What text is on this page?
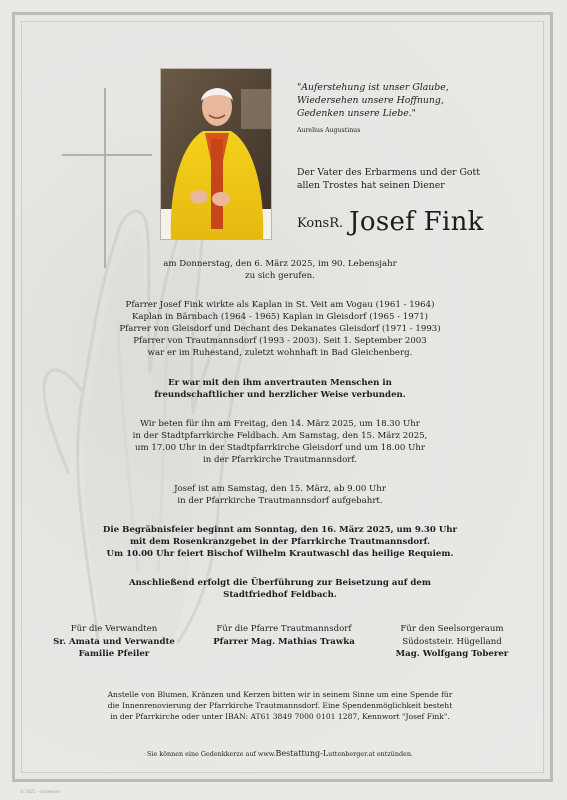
"Auferstehung ist unser Glaube,
Wiedersehen unsere Hoffnung,
Gedenken unsere Liebe."
Aurelius Augustinus
Der Vater des Erbarmens und der Gott
allen Trostes hat seinen Diener
KonsR. Josef Fink
am Donnerstag, den 6. März 2025, im 90. Lebensjahr
zu sich gerufen.
Pfarrer Josef Fink wirkte als Kaplan in St. Veit am Vogau (1961 - 1964)
Kaplan in Bärnbach (1964 - 1965) Kaplan in Gleisdorf (1965 - 1971)
Pfarrer von Gleisdorf und Dechant des Dekanates Gleisdorf (1971 - 1993)
Pfarrer von Trautmannsdorf (1993 - 2003). Seit 1. September 2003
war er im Ruhestand, zuletzt wohnhaft in Bad Gleichenberg.
Er war mit den ihm anvertrauten Menschen in
freundschaftlicher und herzlicher Weise verbunden.
Wir beten für ihn am Freitag, den 14. März 2025, um 18.30 Uhr
in der Stadtpfarrkirche Feldbach. Am Samstag, den 15. März 2025,
um 17.00 Uhr in der Stadtpfarrkirche Gleisdorf und um 18.00 Uhr
in der Pfarrkirche Trautmannsdorf.
Josef ist am Samstag, den 15. März, ab 9.00 Uhr
in der Pfarrkirche Trautmannsdorf aufgebahrt.
Die Begräbnisfeier beginnt am Sonntag, den 16. März 2025, um 9.30 Uhr
mit dem Rosenkranzgebet in der Pfarrkirche Trautmannsdorf.
Um 10.00 Uhr feiert Bischof Wilhelm Krautwaschl das heilige Requiem.
Anschließend erfolgt die Überführung zur Beisetzung auf dem
Stadtfriedhof Feldbach.
Für die Verwandten
Sr. Amata und Verwandte
Familie Pfeiler
Für die Pfarre Trautmannsdorf
Pfarrer Mag. Mathias Trawka
Für den Seelsorgeraum
Südoststeir. Hügelland
Mag. Wolfgang Toberer
Anstelle von Blumen, Kränzen und Kerzen bitten wir in seinem Sinne um eine Spende für
die Innenrenovierung der Pfarrkirche Trautmannsdorf. Eine Spendenmöglichkeit besteht
in der Pfarrkirche oder unter IBAN: AT61 3849 7000 0101 1287, Kennwort "Josef Fink".
Sie können eine Gedenkkerze auf www.Bestattung-Luttenberger.at entzünden.
© 2025 - Leidwesen
